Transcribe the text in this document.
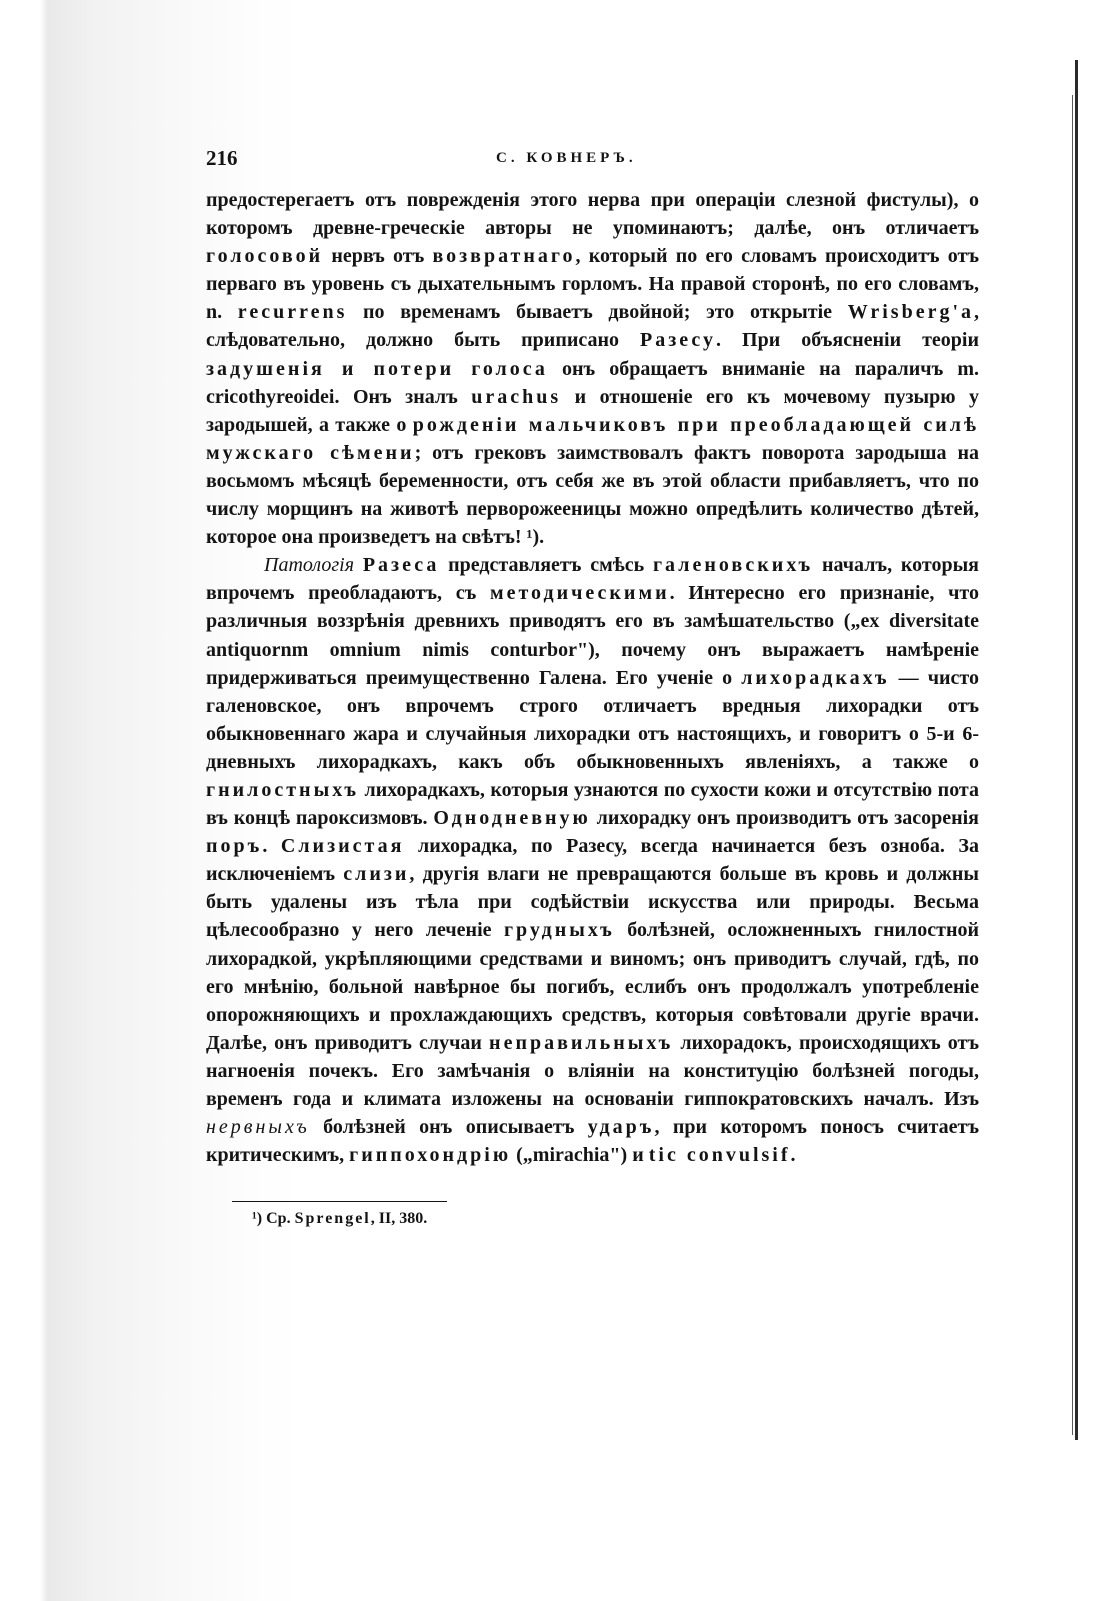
216	С. КОВНЕРЪ.

предостерегаетъ отъ поврежденія этого нерва при операціи слезной фистулы), о которомъ древне-греческіе авторы не упоминаютъ; далѣе, онъ отличаетъ голосовой нервъ отъ возвратнаго, который по его словамъ происходитъ отъ перваго въ уровень съ дыхательнымъ горломъ. На правой сторонѣ, по его словамъ, n. recurrens по временамъ бываетъ двойной; это открытіе Wrisberg'a, слѣдовательно, должно быть приписано Разесу. При объясненіи теоріи задушенія и потери голоса онъ обращаетъ вниманіе на параличъ m. cricothyreoidei. Онъ зналъ urachus и отношеніе его къ мочевому пузырю у зародышей, а также о рожденіи мальчиковъ при преобладающей силѣ мужскаго сѣмени; отъ грековъ заимствовалъ фактъ поворота зародыша на восьмомъ мѣсяцѣ беременности, отъ себя же въ этой области прибавляетъ, что по числу морщинъ на животѣ перворожееницы можно опредѣлить количество дѣтей, которое она произведетъ на свѣтъ! ¹).

Патологія Разеса представляетъ смѣсь галеновскихъ началъ, которыя впрочемъ преобладаютъ, съ методическими. Интересно его признаніе, что различныя воззрѣнія древнихъ приводятъ его въ замѣшательство („ex diversitate antiquornm omnium nimis conturbor"), почему онъ выражаетъ намѣреніе придерживаться преимущественно Галена. Его ученіе о лихорадкахъ — чисто галеновское, онъ впрочемъ строго отличаетъ вредныя лихорадки отъ обыкновеннаго жара и случайныя лихорадки отъ настоящихъ, и говоритъ о 5-и 6-дневныхъ лихорадкахъ, какъ объ обыкновенныхъ явленіяхъ, а также о гнилостныхъ лихорадкахъ, которыя узнаются по сухости кожи и отсутствію пота въ концѣ пароксизмовъ. Однодневную лихорадку онъ производитъ отъ засоренія поръ. Слизистая лихорадка, по Разесу, всегда начинается безъ озноба. За исключеніемъ слизи, другія влаги не превращаются больше въ кровь и должны быть удалены изъ тѣла при содѣйствіи искусства или природы. Весьма цѣлесообразно у него леченіе грудныхъ болѣзней, осложненныхъ гнилостной лихорадкой, укрѣпляющими средствами и виномъ; онъ приводитъ случай, гдѣ, по его мнѣнію, больной навѣрное бы погибъ, еслибъ онъ продолжалъ употребленіе опорожняющихъ и прохлаждающихъ средствъ, которыя совѣтовали другіе врачи. Далѣе, онъ приводитъ случаи неправильныхъ лихорадокъ, происходящихъ отъ нагноенія почекъ. Его замѣчанія о вліяніи на конституцію болѣзней погоды, временъ года и климата изложены на основаніи гиппократовскихъ началъ. Изъ нервныхъ болѣзней онъ описываетъ ударъ, при которомъ поносъ считаетъ критическимъ, гиппохондрію („mirachia") и tic convulsif.

¹) Ср. Sprengel, II, 380.
